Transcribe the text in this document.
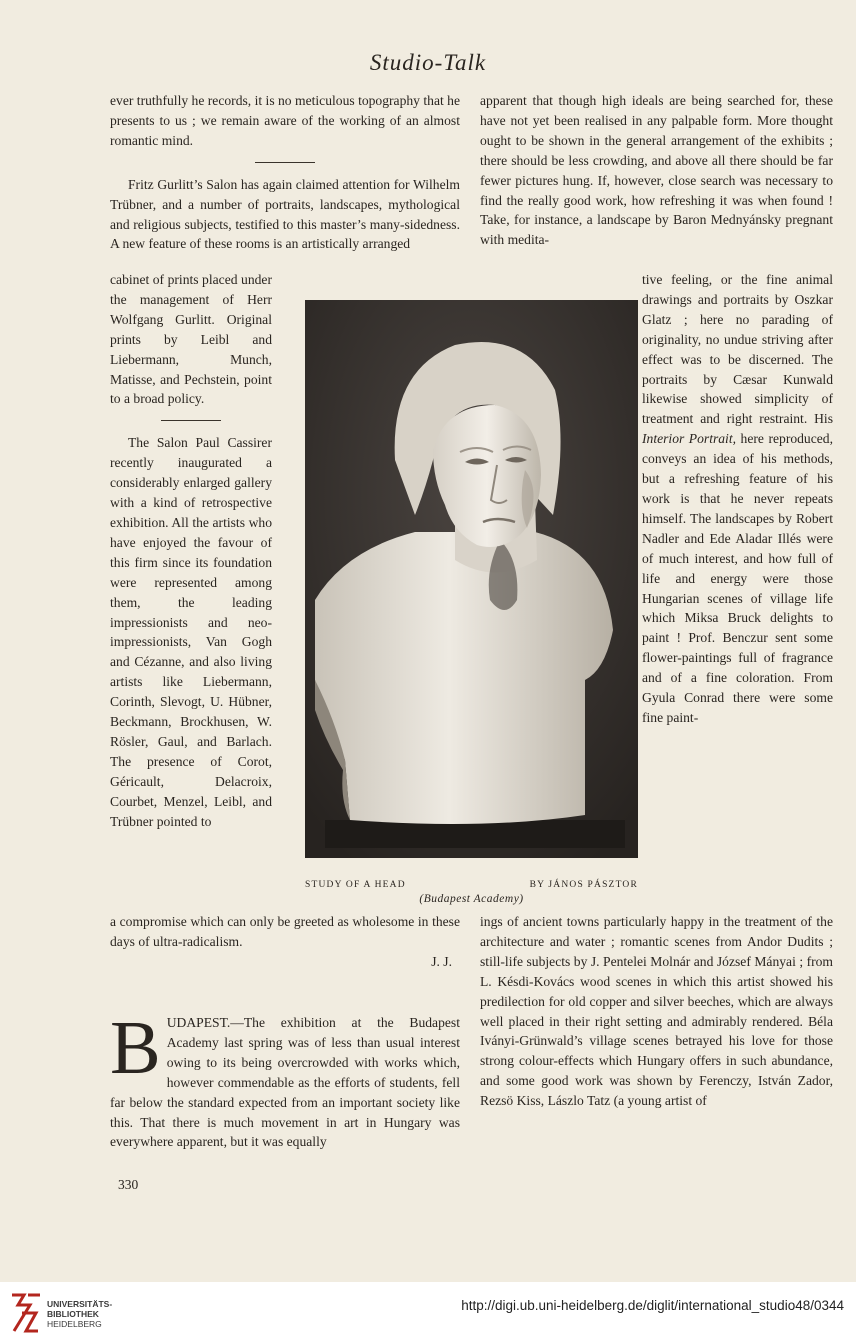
Studio-Talk

ever truthfully he records, it is no meticulous topography that he presents to us ; we remain aware of the working of an almost romantic mind.

Fritz Gurlitt’s Salon has again claimed attention for Wilhelm Trübner, and a number of portraits, landscapes, mythological and religious subjects, testified to this master’s many-sidedness. A new feature of these rooms is an artistically arranged

cabinet of prints placed under the management of Herr Wolfgang Gurlitt. Original prints by Leibl and Liebermann, Munch, Matisse, and Pechstein, point to a broad policy.

The Salon Paul Cassirer recently inaugurated a considerably enlarged gallery with a kind of retrospective exhibition. All the artists who have enjoyed the favour of this firm since its foundation were represented among them, the leading impressionists and neo-impressionists, Van Gogh and Cézanne, and also living artists like Liebermann, Corinth, Slevogt, U. Hübner, Beckmann, Brockhusen, W. Rösler, Gaul, and Barlach. The presence of Corot, Géricault, Delacroix, Courbet, Menzel, Leibl, and Trübner pointed to

apparent that though high ideals are being searched for, these have not yet been realised in any palpable form. More thought ought to be shown in the general arrangement of the exhibits ; there should be less crowding, and above all there should be far fewer pictures hung. If, however, close search was necessary to find the really good work, how refreshing it was when found ! Take, for instance, a landscape by Baron Mednyánsky pregnant with medita-

tive feeling, or the fine animal drawings and portraits by Oszkar Glatz ; here no parading of originality, no undue striving after effect was to be discerned. The portraits by Cæsar Kunwald likewise showed simplicity of treatment and right restraint. His Interior Portrait, here reproduced, conveys an idea of his methods, but a refreshing feature of his work is that he never repeats himself. The landscapes by Robert Nadler and Ede Aladar Illés were of much interest, and how full of life and energy were those Hungarian scenes of village life which Miksa Bruck delights to paint ! Prof. Benczur sent some flower-paintings full of fragrance and of a fine coloration. From Gyula Conrad there were some fine paint-

STUDY OF A HEAD	BY JÁNOS PÁSZTOR
(Budapest Academy)

a compromise which can only be greeted as wholesome in these days of ultra-radicalism.

J. J.

BUDAPEST.—The exhibition at the Budapest Academy last spring was of less than usual interest owing to its being overcrowded with works which, however commendable as the efforts of students, fell far below the standard expected from an important society like this. That there is much movement in art in Hungary was everywhere apparent, but it was equally

ings of ancient towns particularly happy in the treatment of the architecture and water ; romantic scenes from Andor Dudits ; still-life subjects by J. Pentelei Molnár and József Mányai ; from L. Késdi-Kovács wood scenes in which this artist showed his predilection for old copper and silver beeches, which are always well placed in their right setting and admirably rendered. Béla Iványi-Grünwald’s village scenes betrayed his love for those strong colour-effects which Hungary offers in such abundance, and some good work was shown by Ferenczy, István Zador, Rezsö Kiss, Lászlo Tatz (a young artist of

330
UNIVERSITÄTS-
BIBLIOTHEK
HEIDELBERG
http://digi.ub.uni-heidelberg.de/diglit/international_studio48/0344
